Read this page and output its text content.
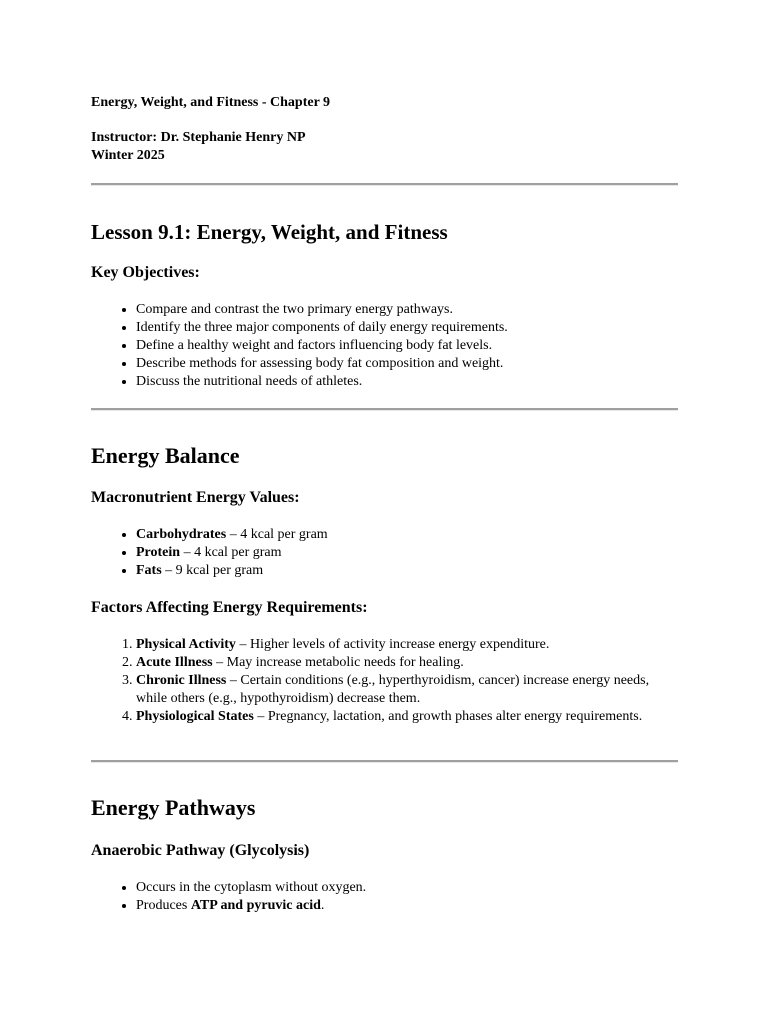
Energy, Weight, and Fitness - Chapter 9

Instructor: Dr. Stephanie Henry NP

Winter 2025

Lesson 9.1: Energy, Weight, and Fitness
Key Objectives:
• Compare and contrast the two primary energy pathways.
• Identify the three major components of daily energy requirements.
• Define a healthy weight and factors influencing body fat levels.
• Describe methods for assessing body fat composition and weight.
• Discuss the nutritional needs of athletes.
Energy Balance
Macronutrient Energy Values:
• Carbohydrates – 4 kcal per gram
• Protein – 4 kcal per gram
• Fats – 9 kcal per gram
Factors Affecting Energy Requirements:
1. Physical Activity – Higher levels of activity increase energy expenditure.
2. Acute Illness – May increase metabolic needs for healing.
3. Chronic Illness – Certain conditions (e.g., hyperthyroidism, cancer) increase energy needs, while others (e.g., hypothyroidism) decrease them.
4. Physiological States – Pregnancy, lactation, and growth phases alter energy requirements.
Energy Pathways
Anaerobic Pathway (Glycolysis)
• Occurs in the cytoplasm without oxygen.
• Produces ATP and pyruvic acid.
